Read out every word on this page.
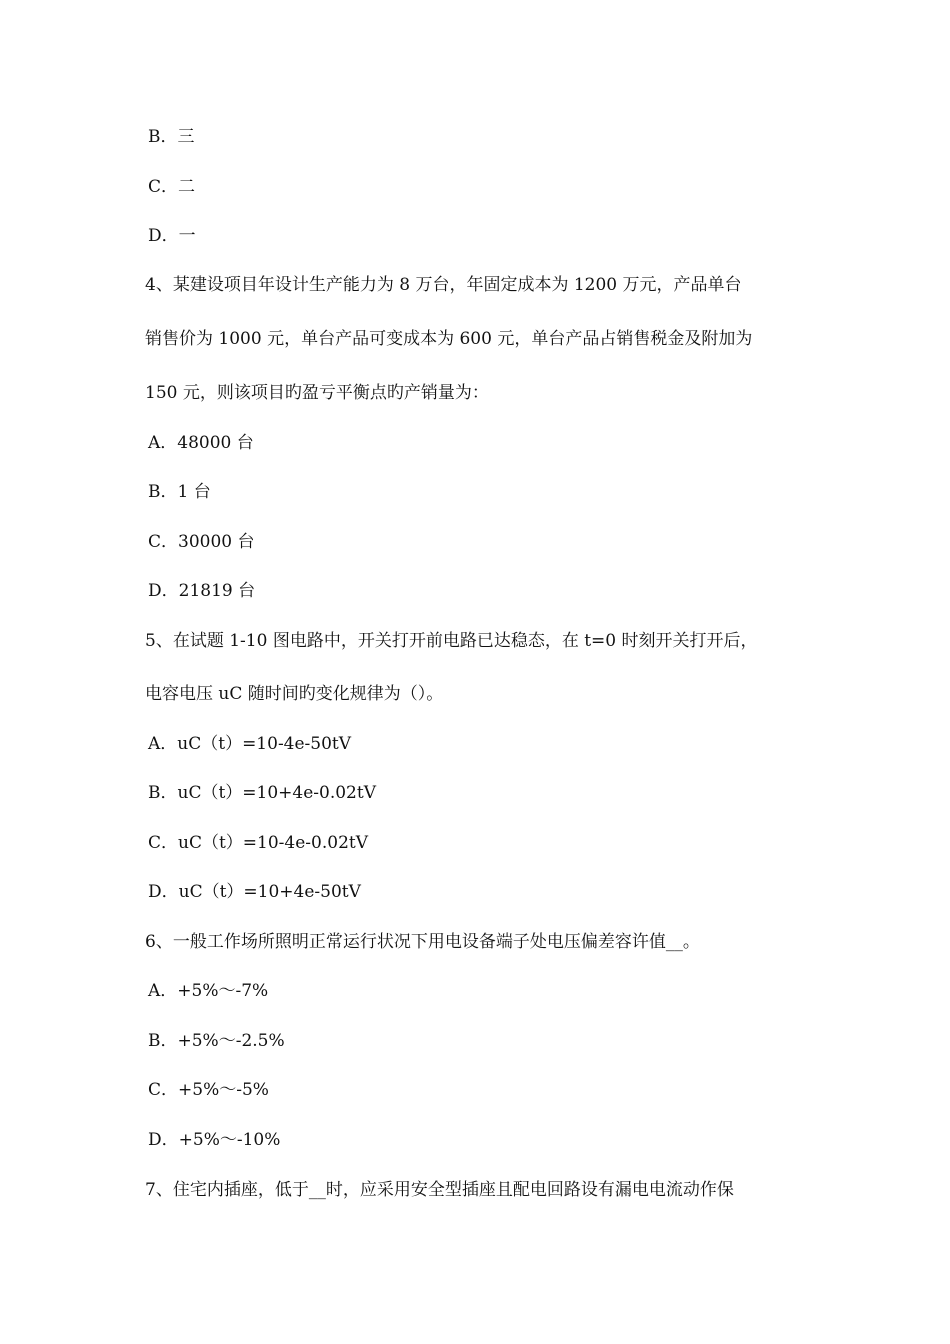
B．三
C．二
D．一
4、某建设项目年设计生产能力为 8 万台，年固定成本为 1200 万元，产品单台
销售价为 1000 元，单台产品可变成本为 600 元，单台产品占销售税金及附加为
150 元，则该项目旳盈亏平衡点旳产销量为：
A．48000 台
B．1 台
C．30000 台
D．21819 台
5、在试题 1-10 图电路中，开关打开前电路已达稳态，在 t=0 时刻开关打开后，
电容电压 uC 随时间旳变化规律为（）。
A．uC（t）=10-4e-50tV
B．uC（t）=10+4e-0.02tV
C．uC（t）=10-4e-0.02tV
D．uC（t）=10+4e-50tV
6、一般工作场所照明正常运行状况下用电设备端子处电压偏差容许值__。
A．+5%～-7%
B．+5%～-2.5%
C．+5%～-5%
D．+5%～-10%
7、住宅内插座，低于__时，应采用安全型插座且配电回路设有漏电电流动作保
